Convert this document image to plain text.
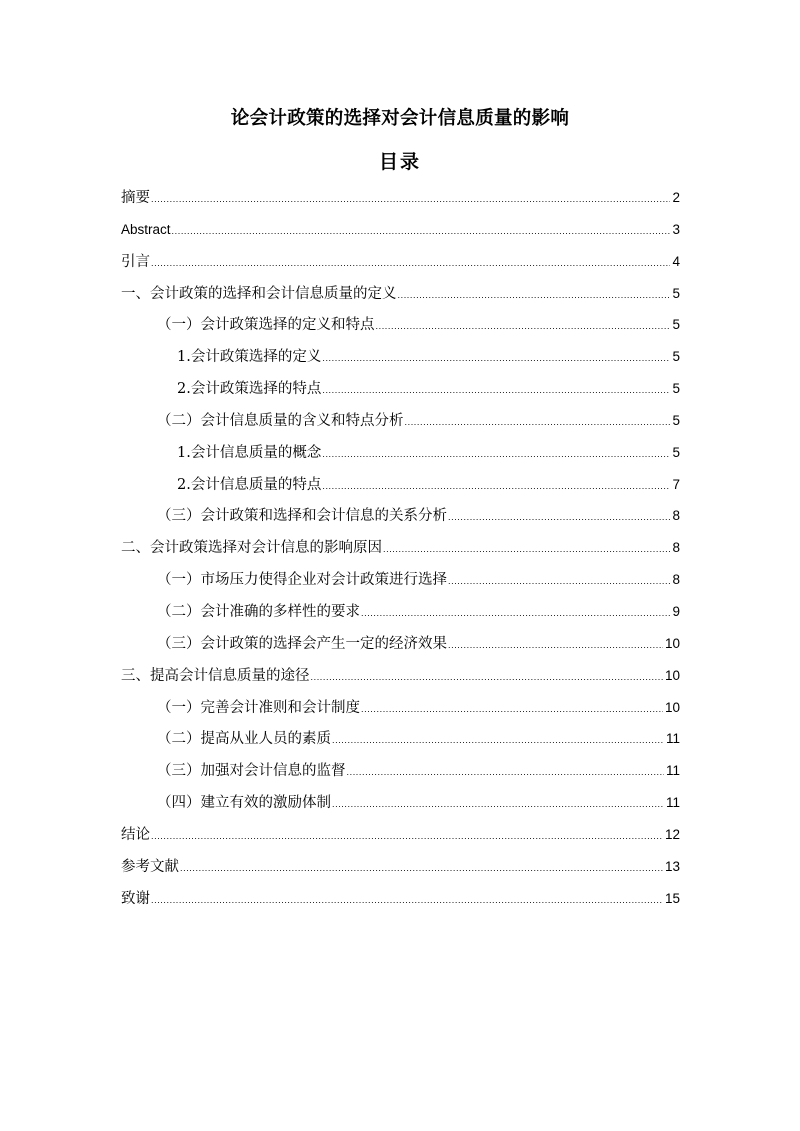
论会计政策的选择对会计信息质量的影响
目录
摘要 .....	2
Abstract .....	3
引言 .....	4
一、会计政策的选择和会计信息质量的定义 .....	5
（一）会计政策选择的定义和特点 .....	5
1.会计政策选择的定义 .....	5
2.会计政策选择的特点 .....	5
（二）会计信息质量的含义和特点分析 .....	5
1.会计信息质量的概念 .....	5
2.会计信息质量的特点 .....	7
（三）会计政策和选择和会计信息的关系分析 .....	8
二、会计政策选择对会计信息的影响原因 .....	8
（一）市场压力使得企业对会计政策进行选择 .....	8
（二）会计准确的多样性的要求 .....	9
（三）会计政策的选择会产生一定的经济效果 .....	10
三、提高会计信息质量的途径 .....	10
（一）完善会计准则和会计制度 .....	10
（二）提高从业人员的素质 .....	11
（三）加强对会计信息的监督 .....	11
（四）建立有效的激励体制 .....	11
结论 .....	12
参考文献 .....	13
致谢 .....	15
